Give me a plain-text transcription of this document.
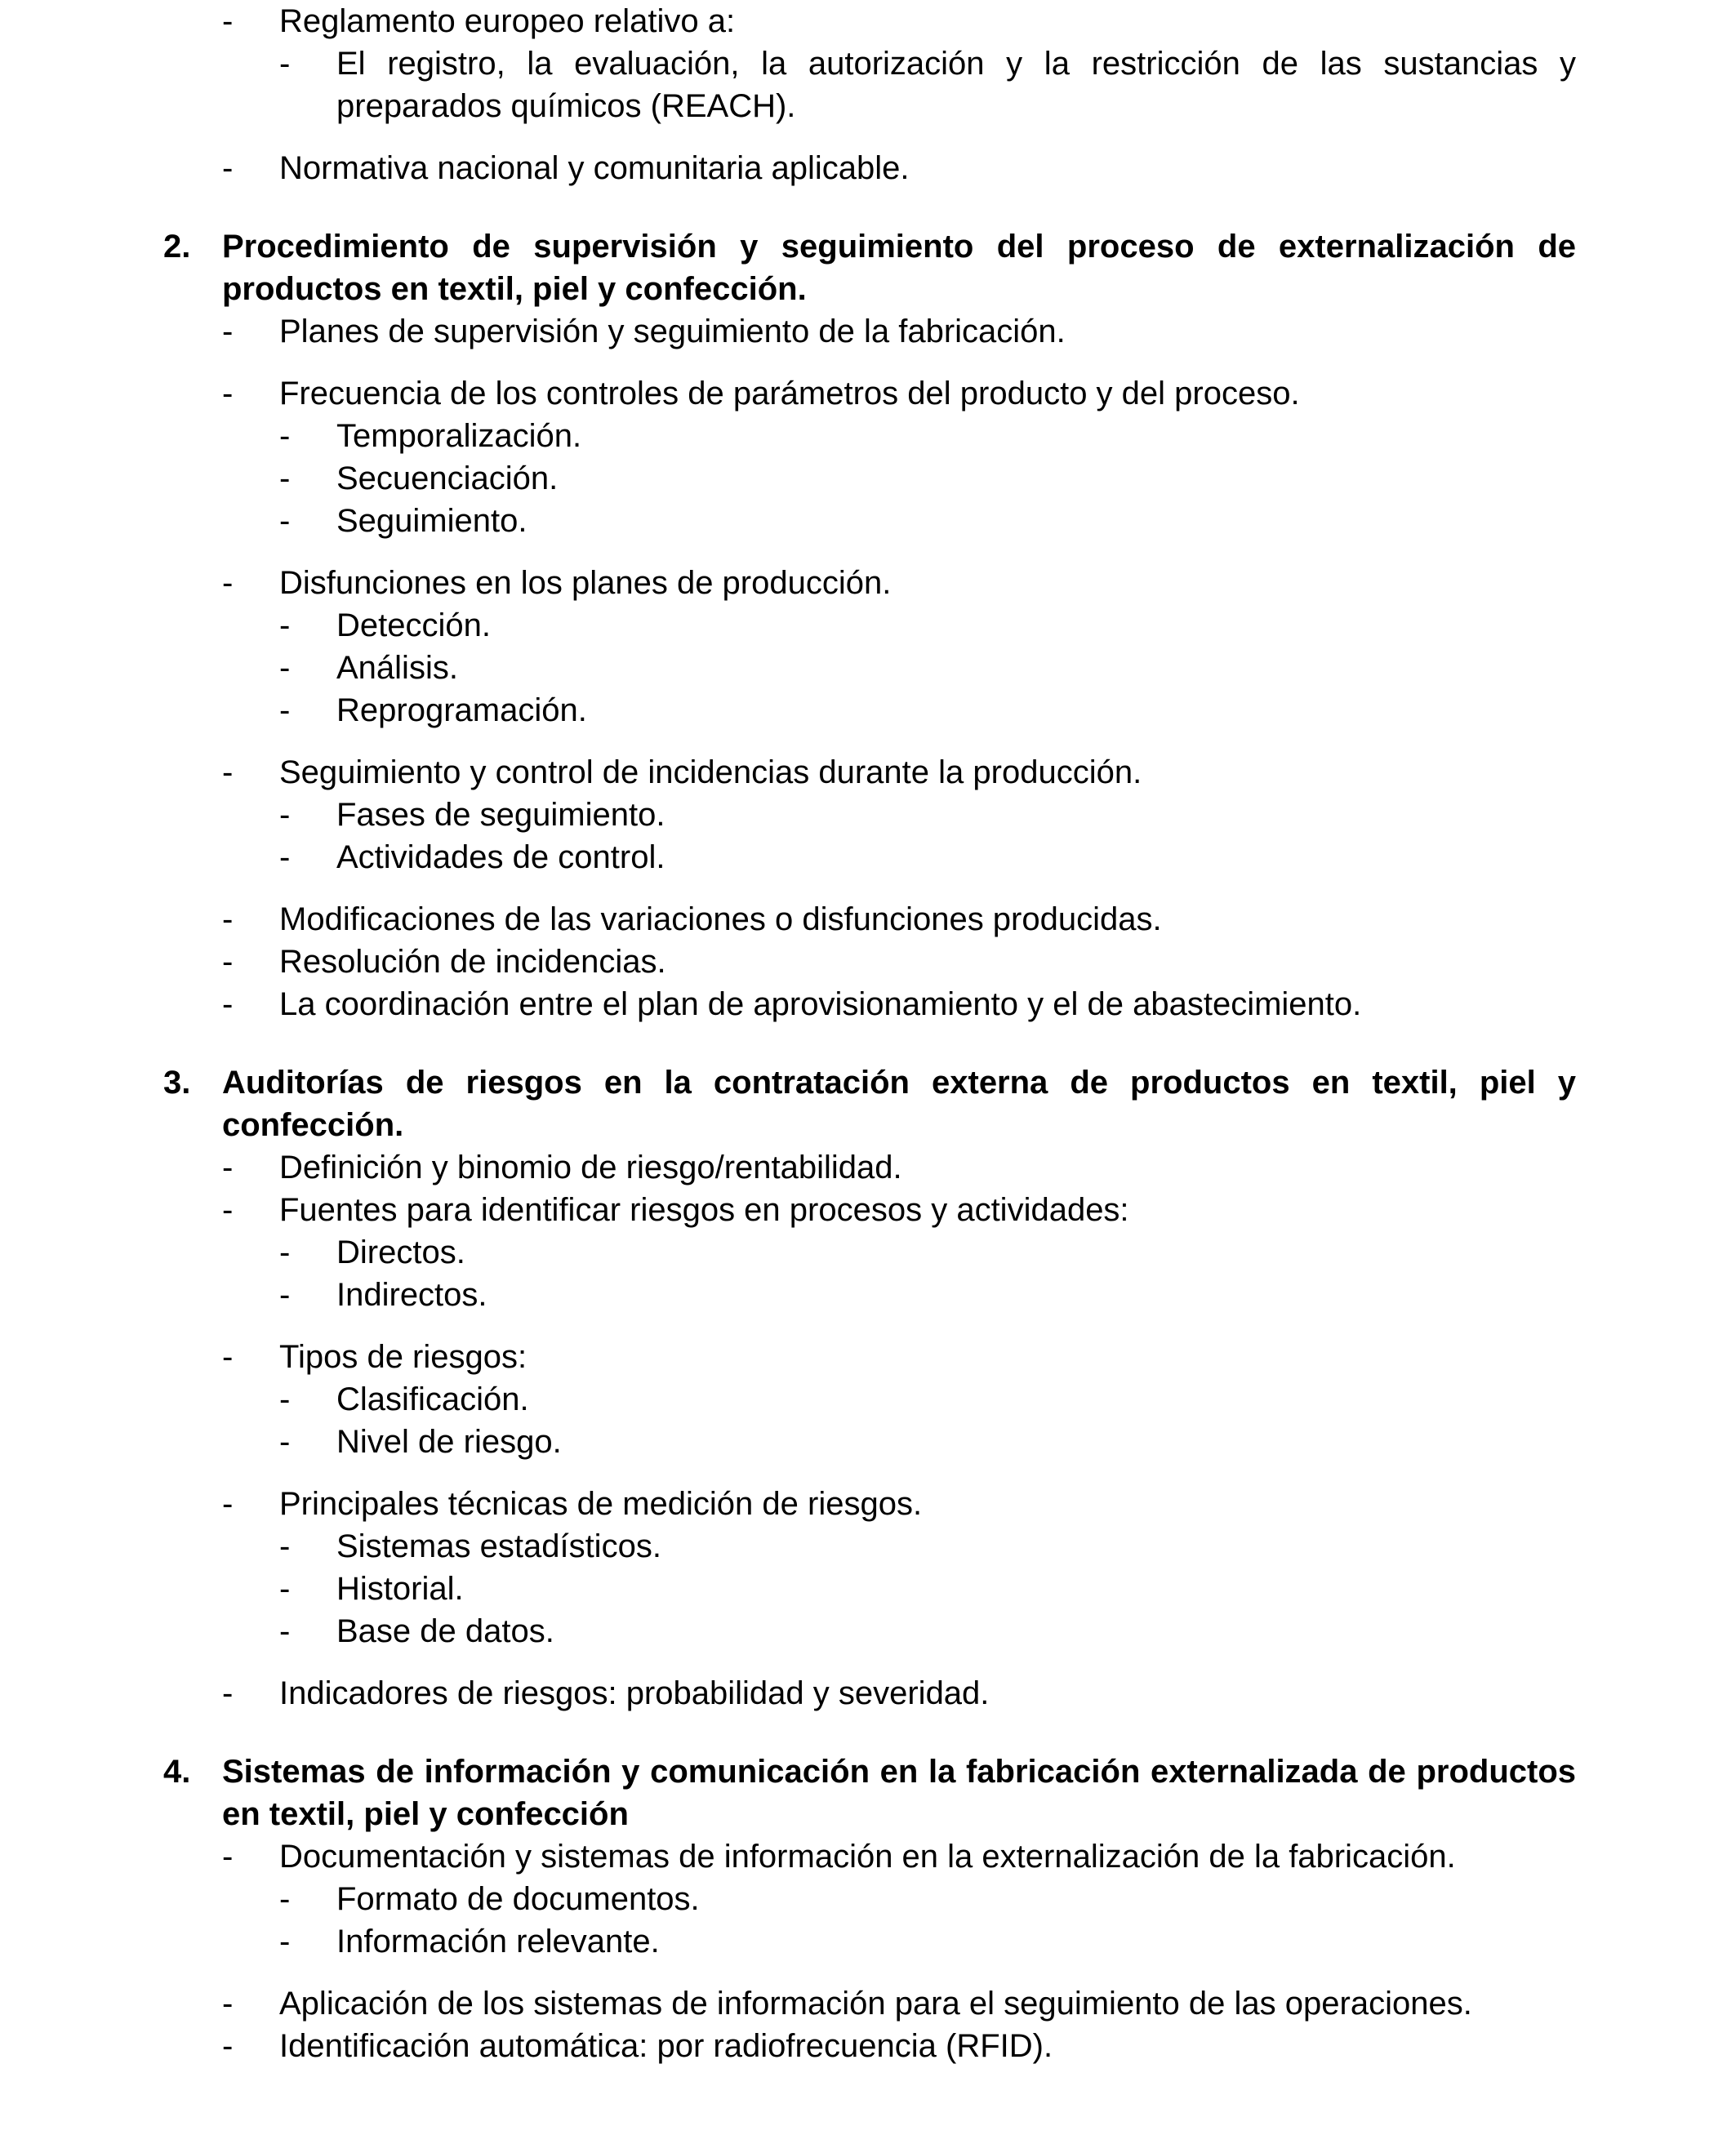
- Reglamento europeo relativo a:
- El registro, la evaluación, la autorización y la restricción de las sustancias y preparados químicos (REACH).
- Normativa nacional y comunitaria aplicable.
2. Procedimiento de supervisión y seguimiento del proceso de externalización de productos en textil, piel y confección.
- Planes de supervisión y seguimiento de la fabricación.
- Frecuencia de los controles de parámetros del producto y del proceso.
- Temporalización.
- Secuenciación.
- Seguimiento.
- Disfunciones en los planes de producción.
- Detección.
- Análisis.
- Reprogramación.
- Seguimiento y control de incidencias durante la producción.
- Fases de seguimiento.
- Actividades de control.
- Modificaciones de las variaciones o disfunciones producidas.
- Resolución de incidencias.
- La coordinación entre el plan de aprovisionamiento y el de abastecimiento.
3. Auditorías de riesgos en la contratación externa de productos en textil, piel y confección.
- Definición y binomio de riesgo/rentabilidad.
- Fuentes para identificar riesgos en procesos y actividades:
- Directos.
- Indirectos.
- Tipos de riesgos:
- Clasificación.
- Nivel de riesgo.
- Principales técnicas de medición de riesgos.
- Sistemas estadísticos.
- Historial.
- Base de datos.
- Indicadores de riesgos: probabilidad y severidad.
4. Sistemas de información y comunicación en la fabricación externalizada de productos en textil, piel y confección
- Documentación y sistemas de información en la externalización de la fabricación.
- Formato de documentos.
- Información relevante.
- Aplicación de los sistemas de información para el seguimiento de las operaciones.
- Identificación automática: por radiofrecuencia (RFID).
